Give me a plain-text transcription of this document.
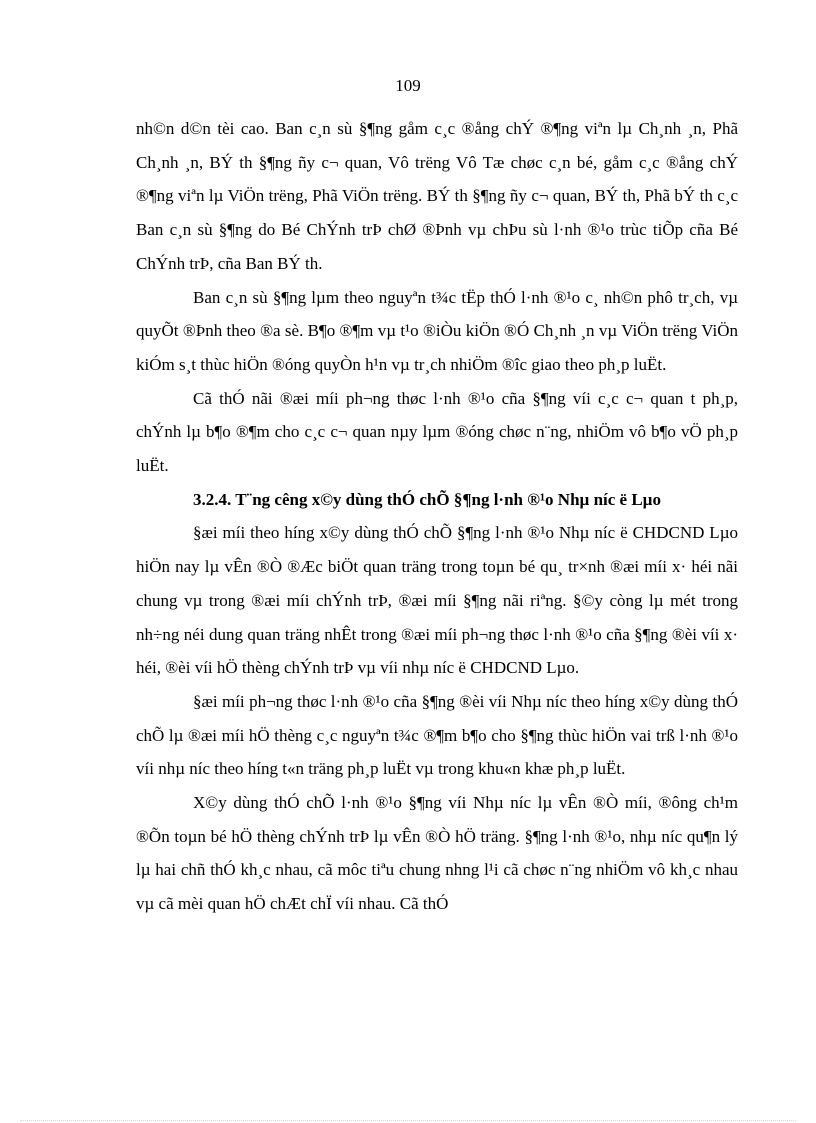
109

nh©n d©n tèi cao. Ban c¸n sù §¶ng gåm c¸c ®ång chÝ ®¶ng viªn lµ Ch¸nh ¸n, Phã Ch¸nh ¸n, BÝ th §¶ng ñy c¬ quan, Vô trëng Vô Tæ chøc c¸n bé, gåm c¸c ®ång chÝ ®¶ng viªn lµ ViÖn trëng, Phã ViÖn trëng. BÝ th §¶ng ñy c¬ quan, BÝ th, Phã bÝ th c¸c Ban c¸n sù §¶ng do Bé ChÝnh trÞ chØ ®Þnh vµ chÞu sù l·nh ®¹o trùc tiÕp cña Bé ChÝnh trÞ, cña Ban BÝ th.

Ban c¸n sù §¶ng lµm theo nguyªn t¾c tËp thÓ l·nh ®¹o c¸ nh©n phô tr¸ch, vµ quyÕt ®Þnh theo ®a sè. B¶o ®¶m vµ t¹o ®iÒu kiÖn ®Ó Ch¸nh ¸n vµ ViÖn trëng ViÖn kiÓm s¸t thùc hiÖn ®óng quyÒn h¹n vµ tr¸ch nhiÖm ®îc giao theo ph¸p luËt.

Cã thÓ nãi ®æi míi ph¬ng thøc l·nh ®¹o cña §¶ng víi c¸c c¬ quan t ph¸p, chÝnh lµ b¶o ®¶m cho c¸c c¬ quan nµy lµm ®óng chøc n¨ng, nhiÖm vô b¶o vÖ ph¸p luËt.

3.2.4. T¨ng cêng x©y dùng thÓ chÕ §¶ng l·nh ®¹o Nhµ níc ë Lµo

§æi míi theo híng x©y dùng thÓ chÕ §¶ng l·nh ®¹o Nhµ níc ë CHDCND Lµo hiÖn nay lµ vÊn ®Ò ®Æc biÖt quan träng trong toµn bé qu¸ tr×nh ®æi míi x· héi nãi chung vµ trong ®æi míi chÝnh trÞ, ®æi míi §¶ng nãi riªng. §©y còng lµ mét trong nh÷ng néi dung quan träng nhÊt trong ®æi míi ph¬ng thøc l·nh ®¹o cña §¶ng ®èi víi x· héi, ®èi víi hÖ thèng chÝnh trÞ vµ víi nhµ níc ë CHDCND Lµo.

§æi míi ph¬ng thøc l·nh ®¹o cña §¶ng ®èi víi Nhµ níc theo híng x©y dùng thÓ chÕ lµ ®æi míi hÖ thèng c¸c nguyªn t¾c ®¶m b¶o cho §¶ng thùc hiÖn vai trß l·nh ®¹o víi nhµ níc theo híng t«n träng ph¸p luËt vµ trong khu«n khæ ph¸p luËt.

X©y dùng thÓ chÕ l·nh ®¹o §¶ng víi Nhµ níc lµ vÊn ®Ò míi, ®ông ch¹m ®Õn toµn bé hÖ thèng chÝnh trÞ lµ vÊn ®Ò hÖ träng. §¶ng l·nh ®¹o, nhµ níc qu¶n lý lµ hai chñ thÓ kh¸c nhau, cã môc tiªu chung nhng l¹i cã chøc n¨ng nhiÖm vô kh¸c nhau vµ cã mèi quan hÖ chÆt chÏ víi nhau. Cã thÓ
